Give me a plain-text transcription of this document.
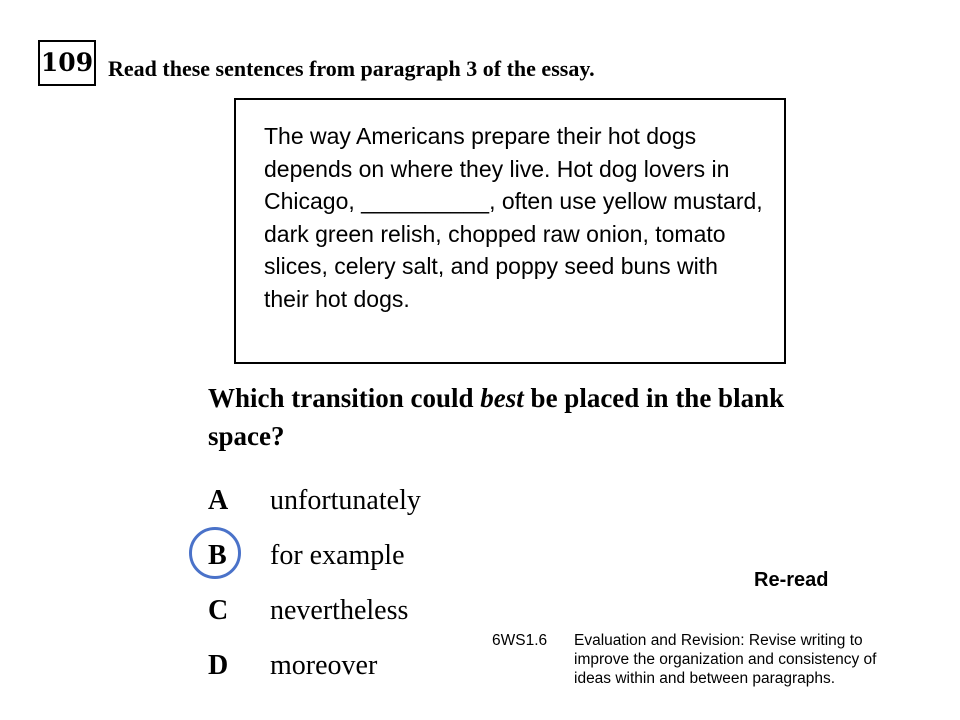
109 Read these sentences from paragraph 3 of the essay.

The way Americans prepare their hot dogs depends on where they live. Hot dog lovers in Chicago, __________, often use yellow mustard, dark green relish, chopped raw onion, tomato slices, celery salt, and poppy seed buns with their hot dogs.

Which transition could best be placed in the blank space?

A	unfortunately
B	for example
C	nevertheless
D	moreover
Re-read
6WS1.6 Evaluation and Revision: Revise writing to
improve the organization and consistency of
ideas within and between paragraphs.
